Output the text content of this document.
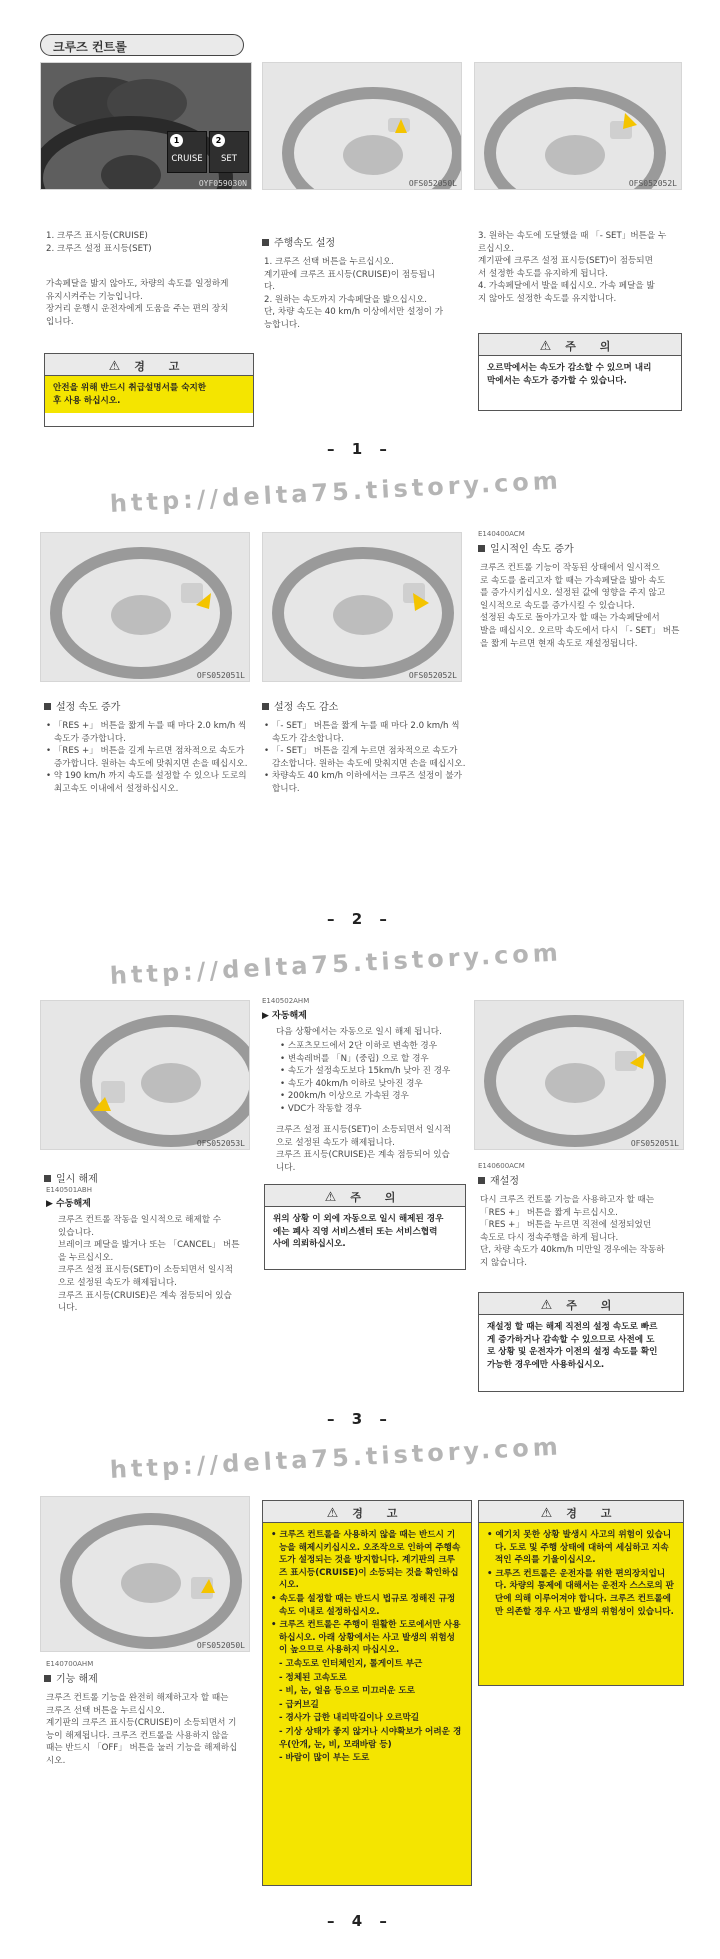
크루즈 컨트롤
1
CRUISE
2
SET
OYF059030N	OFS052050L	OFS052052L

1. 크루즈 표시등(CRUISE)

2. 크루즈 설정 표시등(SET)

가속페달을 밟지 않아도, 차량의 속도를 일정하게

유지시켜주는 기능입니다.

장거리 운행시 운전자에게 도움을 주는 편의 장치

입니다.

⚠ 경 고

안전을 위해 반드시 취급설명서를 숙지한

후 사용 하십시오.

주행속도 설정

1. 크루즈 선택 버튼을 누르십시오.

계기판에 크루즈 표시등(CRUISE)이 점등됩니

다.

2. 원하는 속도까지 가속페달을 밟으십시오.

단, 차량 속도는 40 km/h 이상에서만 설정이 가

능합니다.

3. 원하는 속도에 도달했을 때 「- SET」버튼을 누

르십시오.

계기판에 크루즈 설정 표시등(SET)이 점등되면

서 설정한 속도를 유지하게 됩니다.

4. 가속페달에서 발을 떼십시오. 가속 페달을 밟

지 않아도 설정한 속도를 유지합니다.

⚠ 주 의

오르막에서는 속도가 감소할 수 있으며 내리

막에서는 속도가 증가할 수 있습니다.

– 1 –
http://delta75.tistory.com
OFS052051L	OFS052052L
E140400ACM
일시적인 속도 증가

크루즈 컨트롤 기능이 작동된 상태에서 일시적으

로 속도를 올리고자 할 때는 가속페달을 밟아 속도

를 증가시키십시오. 설정된 값에 영향을 주지 않고

일시적으로 속도를 증가시킬 수 있습니다.

설정된 속도로 돌아가고자 할 때는 가속페달에서

발을 떼십시오. 오르막 속도에서 다시 「- SET」 버튼

을 짧게 누르면 현재 속도로 재설정됩니다.

설정 속도 증가
• 「RES +」 버튼을 짧게 누를 때 마다 2.0 km/h 씩 속도가 증가합니다.
• 「RES +」 버튼을 길게 누르면 점차적으로 속도가 증가합니다. 원하는 속도에 맞춰지면 손을 떼십시오.
• 약 190 km/h 까지 속도를 설정할 수 있으나 도로의 최고속도 이내에서 설정하십시오.
설정 속도 감소
• 「- SET」 버튼을 짧게 누를 때 마다 2.0 km/h 씩 속도가 감소합니다.
• 「- SET」 버튼을 길게 누르면 점차적으로 속도가 감소합니다. 원하는 속도에 맞춰지면 손을 떼십시오.
• 차량속도 40 km/h 이하에서는 크루즈 설정이 불가합니다.
– 2 –
http://delta75.tistory.com
OFS052053L
일시 해제
E140501ABH
▶ 수동해제

크루즈 컨트롤 작동을 일시적으로 해제할 수

있습니다.

브레이크 페달을 밟거나 또는 「CANCEL」 버튼

을 누르십시오.

크루즈 설정 표시등(SET)이 소등되면서 일시적

으로 설정된 속도가 해제됩니다.

크루즈 표시등(CRUISE)은 계속 점등되어 있습

니다.

E140502AHM
▶ 자동해제
다음 상황에서는 자동으로 일시 해제 됩니다.
• 스포츠모드에서 2단 이하로 변속한 경우
• 변속레버를 「N」(중립) 으로 할 경우
• 속도가 설정속도보다 15km/h 낮아 진 경우
• 속도가 40km/h 이하로 낮아진 경우
• 200km/h 이상으로 가속된 경우
• VDC가 작동할 경우

크루즈 설정 표시등(SET)이 소등되면서 일시적

으로 설정된 속도가 해제됩니다.

크루즈 표시등(CRUISE)은 계속 점등되어 있습

니다.

⚠ 주 의

위의 상황 이 외에 자동으로 일시 해제된 경우

에는 폐사 직영 서비스센터 또는 서비스협력

사에 의뢰하십시오.

OFS052051L
E140600ACM
재설정

다시 크루즈 컨트롤 기능을 사용하고자 할 때는

「RES +」 버튼을 짧게 누르십시오.

「RES +」 버튼을 누르면 직전에 설정되었던

속도로 다시 정속주행을 하게 됩니다.

단, 차량 속도가 40km/h 미만일 경우에는 작동하

지 않습니다.

⚠ 주 의

재설정 할 때는 해제 직전의 설정 속도로 빠르

게 증가하거나 감속할 수 있으므로 사전에 도

로 상황 및 운전자가 이전의 설정 속도를 확인

가능한 경우에만 사용하십시오.

– 3 –
http://delta75.tistory.com
OFS052050L
E140700AHM
기능 해제

크루즈 컨트롤 기능을 완전히 해제하고자 할 때는

크루즈 선택 버튼을 누르십시오.

계기판의 크루즈 표시등(CRUISE)이 소등되면서 기

능이 해제됩니다. 크루즈 컨트롤을 사용하지 않을

때는 반드시 「OFF」 버튼을 눌러 기능을 해제하십

시오.

⚠ 경 고
• 크루즈 컨트롤을 사용하지 않을 때는 반드시 기능을 해제시키십시오. 오조작으로 인하여 주행속도가 설정되는 것을 방지합니다. 계기판의 크루즈 표시등(CRUISE)이 소등되는 것을 확인하십시오.
• 속도를 설정할 때는 반드시 법규로 정해진 규정속도 이내로 설정하십시오.
• 크루즈 컨트롤은 주행이 원활한 도로에서만 사용하십시오. 아래 상황에서는 사고 발생의 위험성이 높으므로 사용하지 마십시오.
- 고속도로 인터체인지, 톨게이트 부근
- 정체된 고속도로
- 비, 눈, 얼음 등으로 미끄러운 도로
- 급커브길
- 경사가 급한 내리막길이나 오르막길
- 기상 상태가 좋지 않거나 시야확보가 어려운 경우(안개, 눈, 비, 모래바람 등)
- 바람이 많이 부는 도로
⚠ 경 고
• 예기치 못한 상황 발생시 사고의 위험이 있습니다. 도로 및 주행 상태에 대하여 세심하고 지속적인 주의를 기울이십시오.
• 크루즈 컨트롤은 운전자를 위한 편의장치입니다. 차량의 통제에 대해서는 운전자 스스로의 판단에 의해 이루어져야 합니다. 크루즈 컨트롤에만 의존할 경우 사고 발생의 위험성이 있습니다.
– 4 –
